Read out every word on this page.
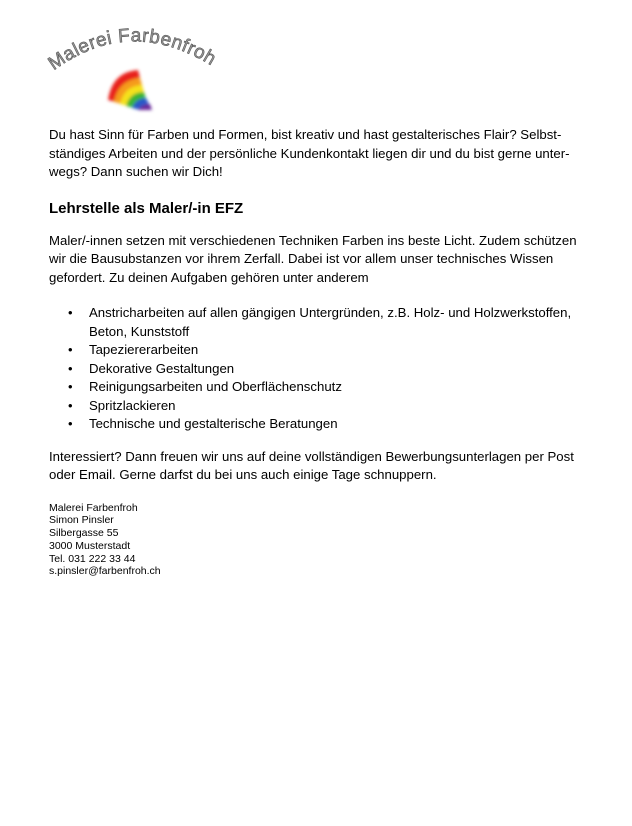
Malerei Farbenfroh
Du hast Sinn für Farben und Formen, bist kreativ und hast gestalterisches Flair? Selbst-
ständiges Arbeiten und der persönliche Kundenkontakt liegen dir und du bist gerne unter-
wegs? Dann suchen wir Dich!
Lehrstelle als Maler/-in EFZ
Maler/-innen setzen mit verschiedenen Techniken Farben ins beste Licht. Zudem schützen
wir die Bausubstanzen vor ihrem Zerfall. Dabei ist vor allem unser technisches Wissen
gefordert. Zu deinen Aufgaben gehören unter anderem
• Anstricharbeiten auf allen gängigen Untergründen, z.B. Holz- und Holzwerkstoffen,
Beton, Kunststoff
• Tapeziererarbeiten
• Dekorative Gestaltungen
• Reinigungsarbeiten und Oberflächenschutz
• Spritzlackieren
• Technische und gestalterische Beratungen
Interessiert? Dann freuen wir uns auf deine vollständigen Bewerbungsunterlagen per Post
oder Email. Gerne darfst du bei uns auch einige Tage schnuppern.
Malerei Farbenfroh
Simon Pinsler
Silbergasse 55
3000 Musterstadt
Tel. 031 222 33 44
s.pinsler@farbenfroh.ch
